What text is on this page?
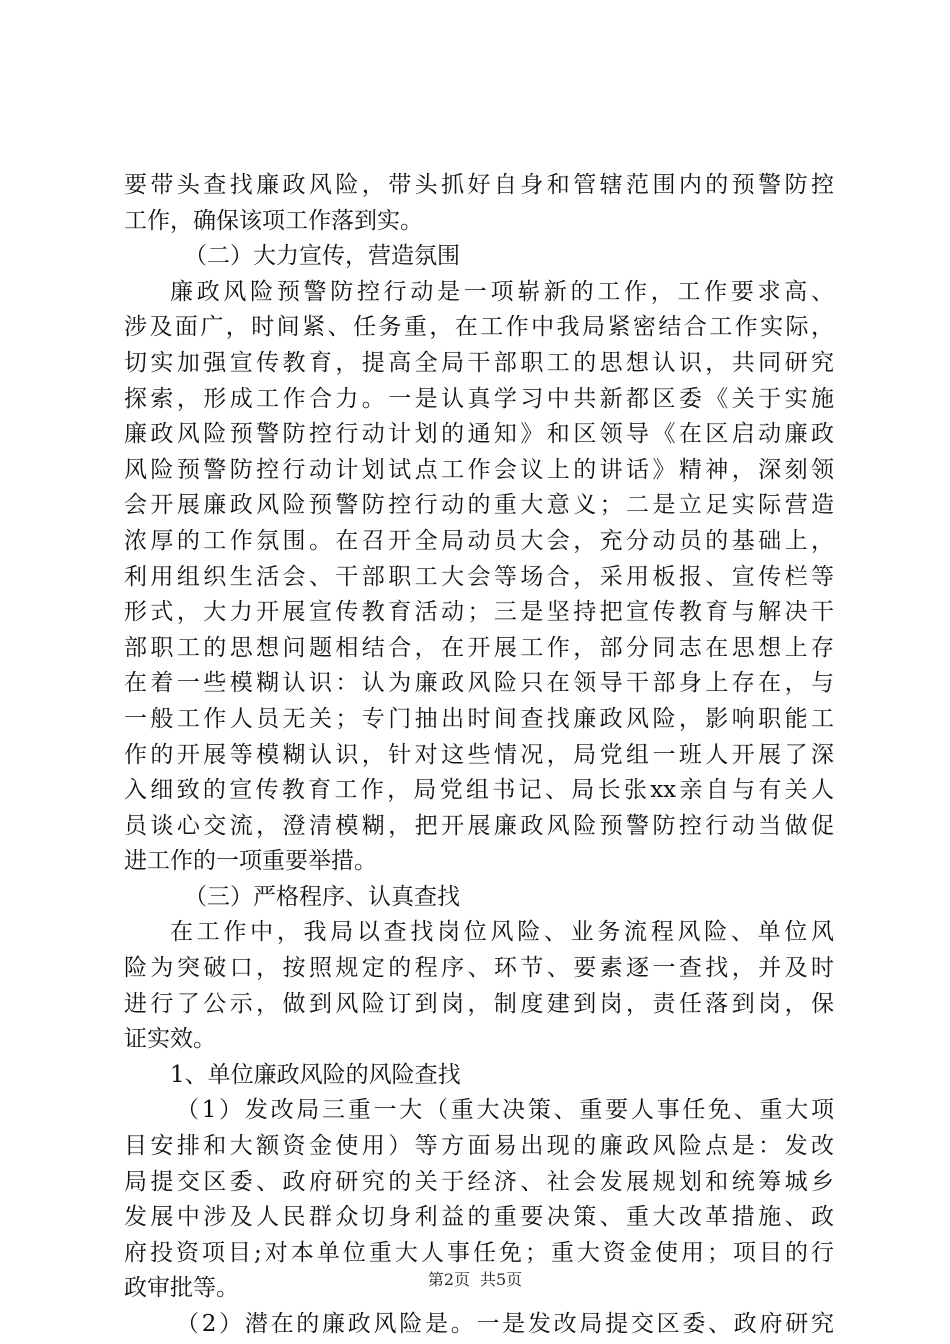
要带头查找廉政风险，带头抓好自身和管辖范围内的预警防控
工作，确保该项工作落到实。
（二）大力宣传，营造氛围
廉政风险预警防控行动是一项崭新的工作，工作要求高、
涉及面广，时间紧、任务重，在工作中我局紧密结合工作实际，
切实加强宣传教育，提高全局干部职工的思想认识，共同研究
探索，形成工作合力。一是认真学习中共新都区委《关于实施
廉政风险预警防控行动计划的通知》和区领导《在区启动廉政
风险预警防控行动计划试点工作会议上的讲话》精神，深刻领
会开展廉政风险预警防控行动的重大意义；二是立足实际营造
浓厚的工作氛围。在召开全局动员大会，充分动员的基础上，
利用组织生活会、干部职工大会等场合，采用板报、宣传栏等
形式，大力开展宣传教育活动；三是坚持把宣传教育与解决干
部职工的思想问题相结合，在开展工作，部分同志在思想上存
在着一些模糊认识：认为廉政风险只在领导干部身上存在，与
一般工作人员无关；专门抽出时间查找廉政风险，影响职能工
作的开展等模糊认识，针对这些情况，局党组一班人开展了深
入细致的宣传教育工作，局党组书记、局长张xx亲自与有关人
员谈心交流，澄清模糊，把开展廉政风险预警防控行动当做促
进工作的一项重要举措。
（三）严格程序、认真查找
在工作中，我局以查找岗位风险、业务流程风险、单位风
险为突破口，按照规定的程序、环节、要素逐一查找，并及时
进行了公示，做到风险订到岗，制度建到岗，责任落到岗，保
证实效。
1、单位廉政风险的风险查找
（1）发改局三重一大（重大决策、重要人事任免、重大项
目安排和大额资金使用）等方面易出现的廉政风险点是：发改
局提交区委、政府研究的关于经济、社会发展规划和统筹城乡
发展中涉及人民群众切身利益的重要决策、重大改革措施、政
府投资项目;对本单位重大人事任免；重大资金使用；项目的行
政审批等。
（2）潜在的廉政风险是。一是发改局提交区委、政府研究
第2页 共5页
